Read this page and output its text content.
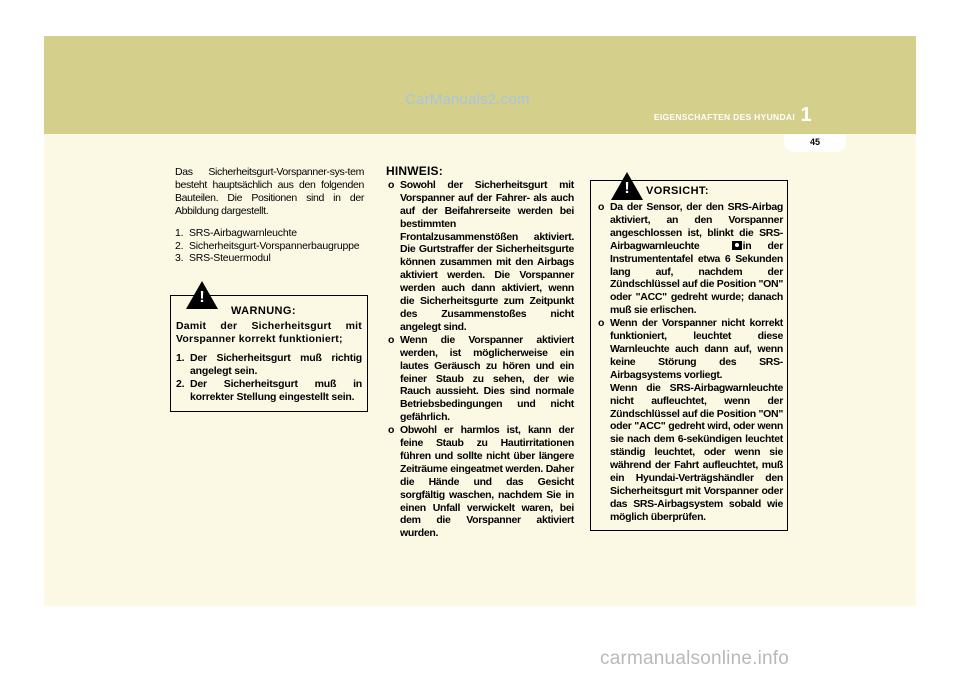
CarManuals2.com
EIGENSCHAFTEN DES HYUNDAI 1
45

Das Sicherheitsgurt-Vorspanner-sys-tem besteht hauptsächlich aus den folgenden Bauteilen. Die Positionen sind in der Abbildung dargestellt.

1. SRS-Airbagwarnleuchte
2. Sicherheitsgurt-Vorspannerbaugruppe
3. SRS-Steuermodul
!
WARNUNG:

Damit der Sicherheitsgurt mit Vorspanner korrekt funktioniert;

1. Der Sicherheitsgurt muß richtig angelegt sein.
2. Der Sicherheitsgurt muß in korrekter Stellung eingestellt sein.
HINWEIS:
o Sowohl der Sicherheitsgurt mit Vorspanner auf der Fahrer- als auch auf der Beifahrerseite werden bei bestimmten Frontalzusammenstößen aktiviert. Die Gurtstraffer der Sicherheitsgurte können zusammen mit den Airbags aktiviert werden. Die Vorspanner werden auch dann aktiviert, wenn die Sicherheitsgurte zum Zeitpunkt des Zusammenstoßes nicht angelegt sind.
o Wenn die Vorspanner aktiviert werden, ist möglicherweise ein lautes Geräusch zu hören und ein feiner Staub zu sehen, der wie Rauch aussieht. Dies sind normale Betriebsbedingungen und nicht gefährlich.
o Obwohl er harmlos ist, kann der feine Staub zu Hautirritationen führen und sollte nicht über längere Zeiträume eingeatmet werden. Daher die Hände und das Gesicht sorgfältig waschen, nachdem Sie in einen Unfall verwickelt waren, bei dem die Vorspanner aktiviert wurden.
! VORSICHT:
o Da der Sensor, der den SRS-Airbag aktiviert, an den Vorspanner angeschlossen ist, blinkt die SRS-Airbagwarnleuchte	in der Instrumententafel etwa 6 Sekunden lang auf, nachdem der Zündschlüssel auf die Position "ON" oder "ACC" gedreht wurde; danach muß sie erlischen.
o Wenn der Vorspanner nicht korrekt funktioniert, leuchtet diese Warnleuchte auch dann auf, wenn keine Störung des SRS-Airbagsystems vorliegt.
Wenn die SRS-Airbagwarnleuchte nicht aufleuchtet, wenn der Zündschlüssel auf die Position "ON" oder "ACC" gedreht wird, oder wenn sie nach dem 6-sekündigen leuchtet ständig leuchtet, oder wenn sie während der Fahrt aufleuchtet, muß ein Hyundai-Verträgshändler den Sicherheitsgurt mit Vorspanner oder das SRS-Airbagsystem sobald wie möglich überprüfen.
carmanualsonline.info
